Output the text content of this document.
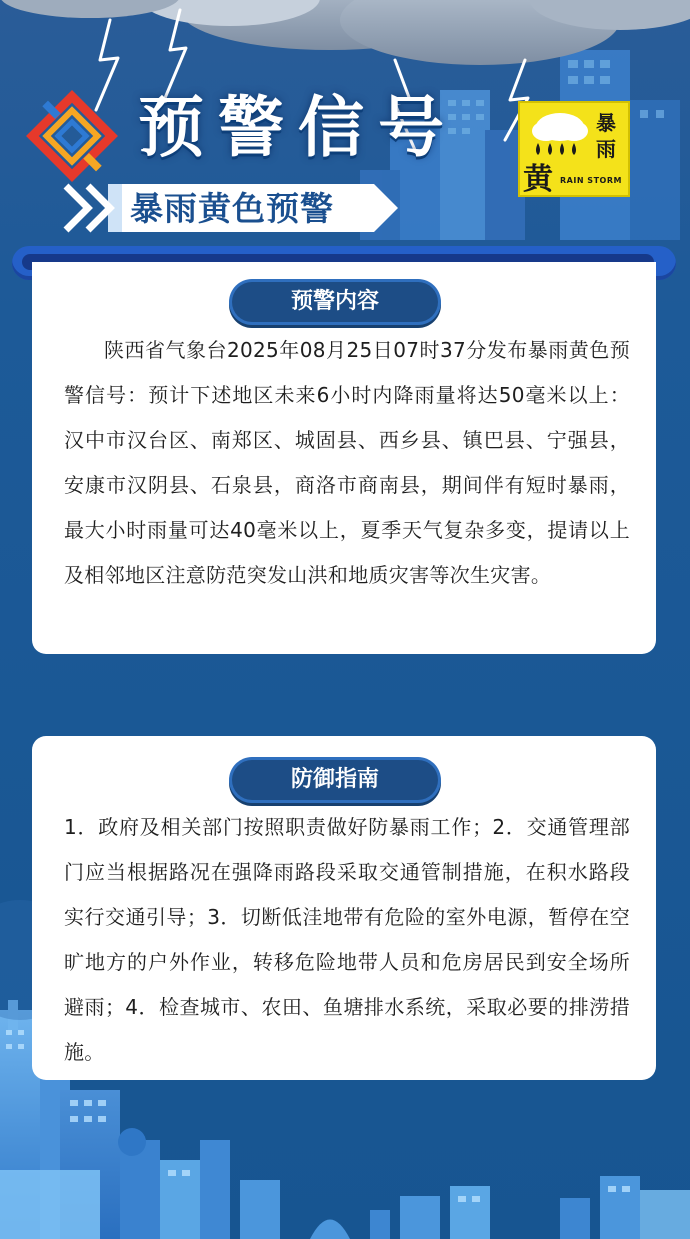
预警信号
暴雨黄色预警
暴
雨
黄 RAIN STORM
预警内容
陕西省气象台2025年08月25日07时37分发布暴雨黄色预警信号：预计下述地区未来6小时内降雨量将达50毫米以上：汉中市汉台区、南郑区、城固县、西乡县、镇巴县、宁强县，安康市汉阴县、石泉县，商洛市商南县，期间伴有短时暴雨，最大小时雨量可达40毫米以上，夏季天气复杂多变，提请以上及相邻地区注意防范突发山洪和地质灾害等次生灾害。
防御指南
1．政府及相关部门按照职责做好防暴雨工作；2．交通管理部门应当根据路况在强降雨路段采取交通管制措施，在积水路段实行交通引导；3．切断低洼地带有危险的室外电源，暂停在空旷地方的户外作业，转移危险地带人员和危房居民到安全场所避雨；4．检查城市、农田、鱼塘排水系统，采取必要的排涝措施。
